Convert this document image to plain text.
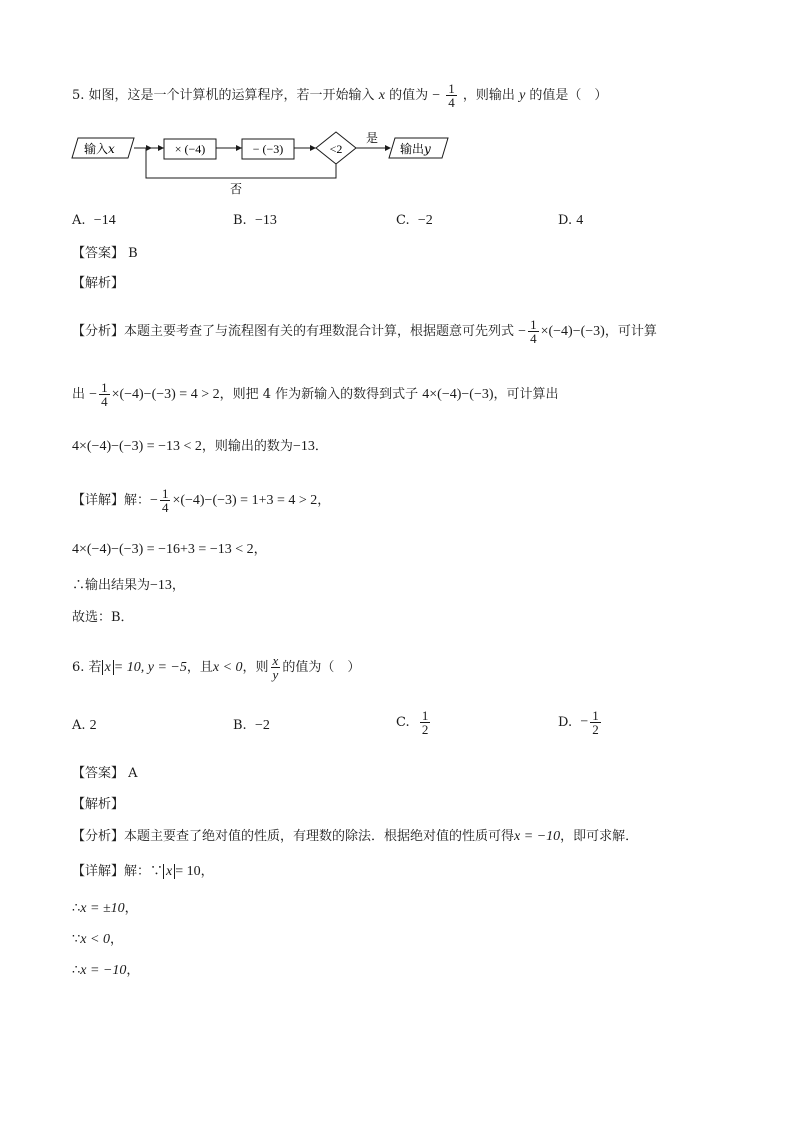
5. 如图，这是一个计算机的运算程序，若一开始输入 x 的值为 − $\frac{1}{4}$ ，则输出 y 的值是（　）
输入x	× (−4)	− (−3)	<2
是
否
输出y
A. −14	B. −13	C. −2	D. 4
【答案】 B
【解析】
【分析】本题主要考查了与流程图有关的有理数混合计算，根据题意可先列式 − $\frac{1}{4} \times(-4)-(-3)$，可计算
出 − $\frac{1}{4} \times(-4)-(-3) = 4 > 2$，则把 4 作为新输入的数得到式子 4×(−4)−(−3)，可计算出
4×(−4)−(−3) = −13 < 2，则输出的数为−13．
【详解】解：− $\frac{1}{4} \times(-4)-(-3) = 1+3 = 4 > 2$，
4×(−4)−(−3) = −16+3 = −13 < 2，
∴输出结果为−13，
故选：B．
6. 若 x = 10, y = −5，且x < 0，则 $\frac{x}{y}$ 的值为（　）
A. 2	B. −2	C. $\frac{1}{2}$	D. − $\frac{1}{2}$
【答案】 A
【解析】
【分析】本题主要查了绝对值的性质，有理数的除法．根据绝对值的性质可得x = −10，即可求解．
【详解】解：∵ x = 10，
∴x = ±10，
∵x < 0，
∴x = −10，
